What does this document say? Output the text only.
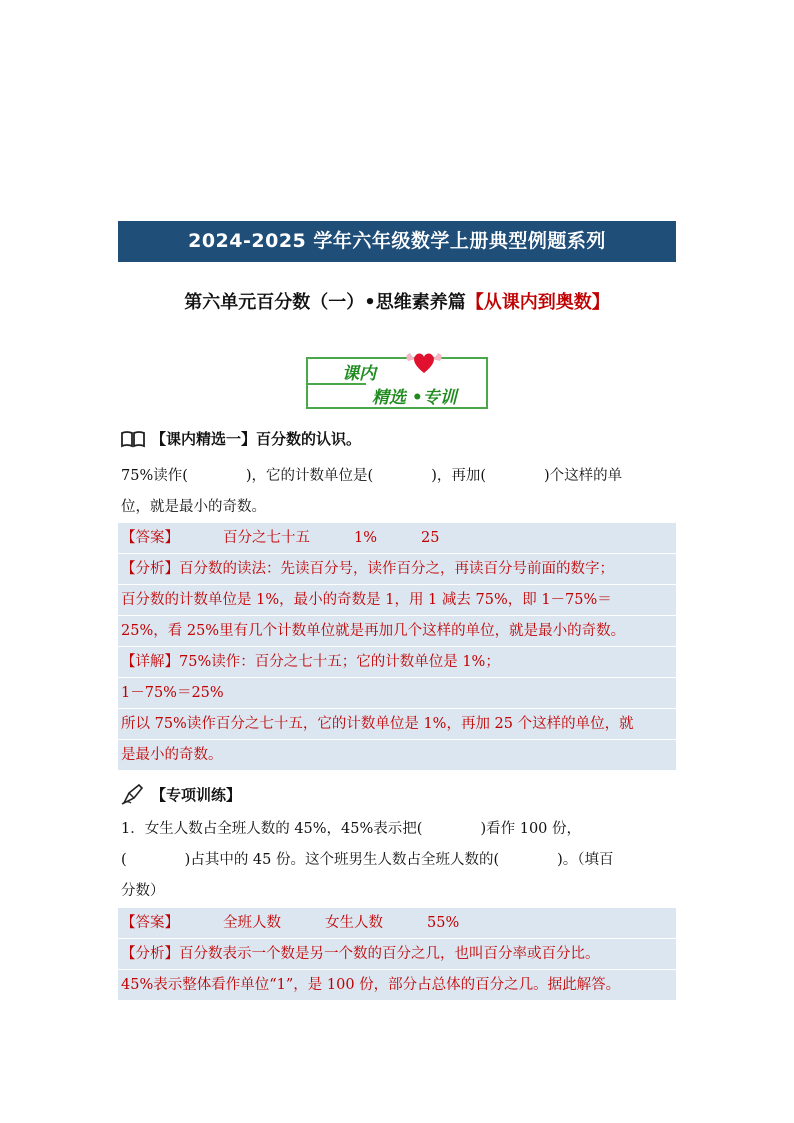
2024-2025 学年六年级数学上册典型例题系列
第六单元百分数（一）•思维素养篇【从课内到奥数】
课内
精选 •专训
【课内精选一】百分数的认识。
75%读作(　　　　)，它的计数单位是(　　　　)，再加(　　　　)个这样的单
位，就是最小的奇数。
【答案】	百分之七十五	1%	25
【分析】百分数的读法：先读百分号，读作百分之，再读百分号前面的数字；
百分数的计数单位是 1%，最小的奇数是 1，用 1 减去 75%，即 1－75%＝
25%，看 25%里有几个计数单位就是再加几个这样的单位，就是最小的奇数。
【详解】75%读作：百分之七十五；它的计数单位是 1%；
1－75%＝25%
所以 75%读作百分之七十五，它的计数单位是 1%，再加 25 个这样的单位，就
是最小的奇数。
【专项训练】
1．女生人数占全班人数的 45%，45%表示把(　　　　)看作 100 份，
(　　　　)占其中的 45 份。这个班男生人数占全班人数的(　　　　)。（填百
分数）
【答案】	全班人数	女生人数	55%
【分析】百分数表示一个数是另一个数的百分之几，也叫百分率或百分比。
45%表示整体看作单位“1”，是 100 份，部分占总体的百分之几。据此解答。
